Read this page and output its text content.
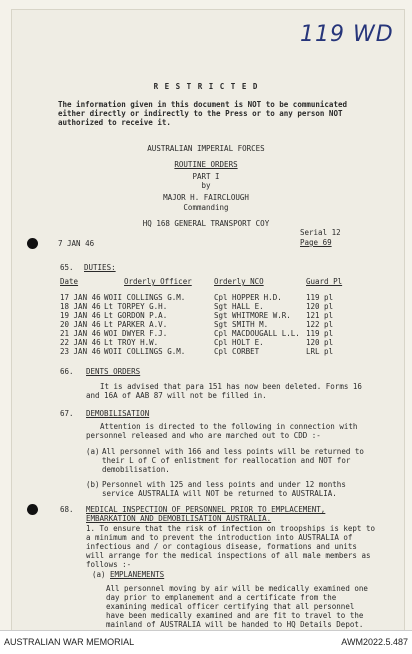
119 WD
R E S T R I C T E D
The information given in this document is NOT to be communicated either directly or indirectly to the Press or to any person NOT authorized to receive it.
AUSTRALIAN IMPERIAL FORCES
ROUTINE ORDERS
PART I
by
MAJOR H. FAIRCLOUGH
Commanding
HQ 168 GENERAL TRANSPORT COY
7 JAN 46
Serial 12
Page 69
65. DUTIES:
Date	Orderly Officer	Orderly NCO	Guard Pl
17 JAN 46 WOII COLLINGS G.M.	Cpl HOPPER H.D.	119 pl
18 JAN 46 Lt TORPEY G.H.	Sgt HALL E.	120 pl
19 JAN 46 Lt GORDON P.A.	Sgt WHITMORE W.R. 121 pl
20 JAN 46 Lt PARKER A.V.	Sgt SMITH M.	122 pl
21 JAN 46 WOI DWYER F.J.	Cpl MACDOUGALL L.L. 119 pl
22 JAN 46 Lt TROY H.W.	Cpl HOLT E.	120 pl
23 JAN 46 WOII COLLINGS G.M.	Cpl CORBET	LRL pl
66. DENTS ORDERS
It is advised that para 151 has now been deleted. Forms 16 and 16A of AAB 87 will not be filled in.
67. DEMOBILISATION
Attention is directed to the following in connection with personnel released and who are marched out to CDD :-
(a) All personnel with 166 and less points will be returned to their L of C of enlistment for reallocation and NOT for demobilisation.
(b) Personnel with 125 and less points and under 12 months service AUSTRALIA will NOT be returned to AUSTRALIA.
68. MEDICAL INSPECTION OF PERSONNEL PRIOR TO EMPLACEMENT, EMBARKATION AND DEMOBILISATION AUSTRALIA.
1. To ensure that the risk of infection on troopships is kept to a minimum and to prevent the introduction into AUSTRALIA of infectious and / or contagious disease, formations and units will arrange for the medical inspections of all male members as follows :-
(a) EMPLANEMENTS
All personnel moving by air will be medically examined one day prior to emplanement and a certificate from the examining medical officer certifying that all personnel have been medically examined and are fit to travel to the mainland of AUSTRALIA will be handed to HQ Details Depot.
AUSTRALIAN WAR MEMORIAL	AWM2022.5.487
